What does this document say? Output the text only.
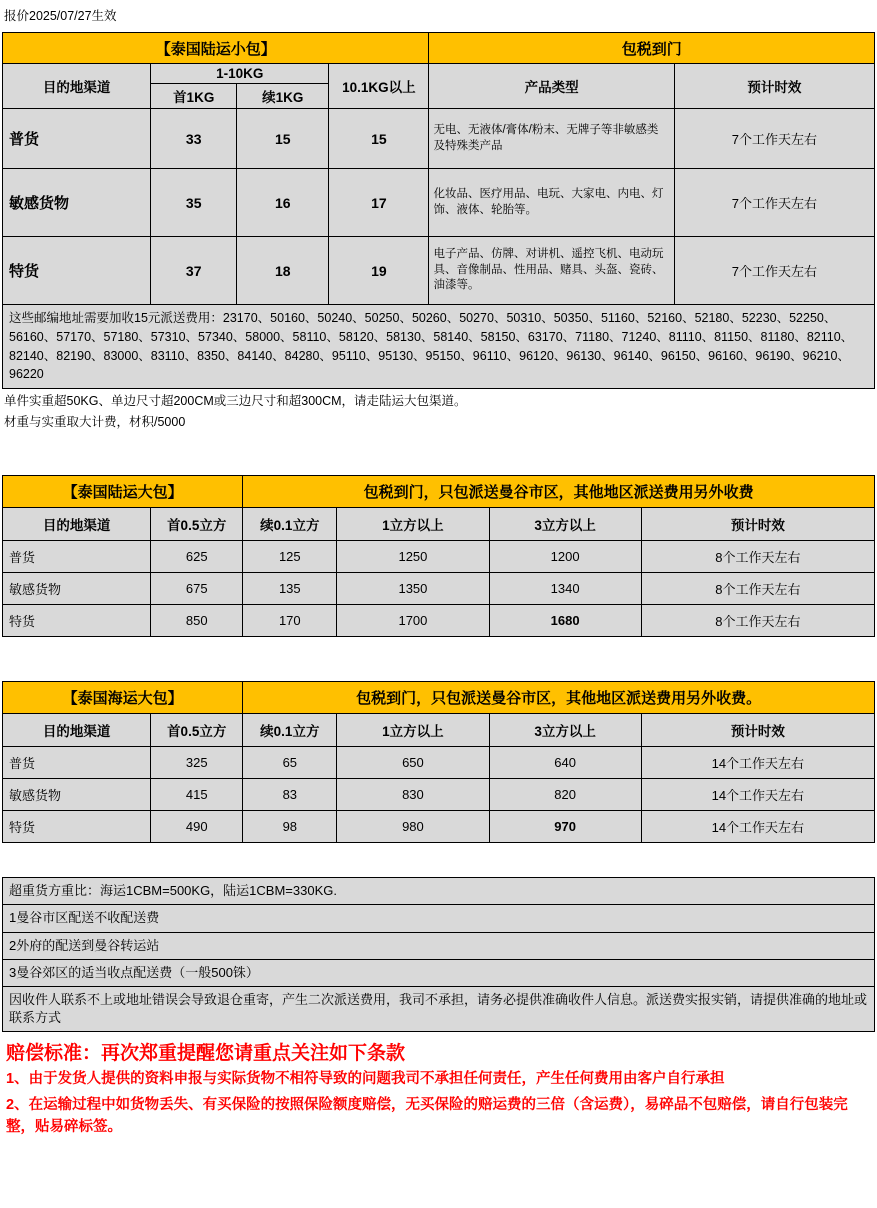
报价2025/07/27生效
【泰国陆运小包】				包税到门	
目的地渠道	1-10KG		10.1KG以上	产品类型	预计时效
	首1KG	续1KG			
普货	33	15	15	无电、无液体/膏体/粉末、无牌子等非敏感类及特殊类产品	7个工作天左右
敏感货物	35	16	17	化妆品、医疗用品、电玩、大家电、内电、灯饰、液体、轮胎等。	7个工作天左右
特货	37	18	19	电子产品、仿牌、对讲机、遥控飞机、电动玩具、音像制品、性用品、赌具、头盔、瓷砖、油漆等。	7个工作天左右
这些邮编地址需要加收15元派送费用：23170、50160、50240、50250、50260、50270、50310、50350、51160、52160、52180、52230、52250、56160、57170、57180、57310、57340、58000、58110、58120、58130、58140、58150、63170、71180、71240、81110、81150、81180、82110、82140、82190、83000、83110、8350、84140、84280、95110、95130、95150、96110、96120、96130、96140、96150、96160、96190、96210、96220					
单件实重超50KG、单边尺寸超200CM或三边尺寸和超300CM，请走陆运大包渠道。
材重与实重取大计费，材积/5000
【泰国陆运大包】		包税到门，只包派送曼谷市区，其他地区派送费用另外收费			
目的地渠道	首0.5立方	续0.1立方	1立方以上	3立方以上	预计时效
普货	625	125	1250	1200	8个工作天左右
敏感货物	675	135	1350	1340	8个工作天左右
特货	850	170	1700	1680	8个工作天左右
【泰国海运大包】		包税到门，只包派送曼谷市区，其他地区派送费用另外收费。			
目的地渠道	首0.5立方	续0.1立方	1立方以上	3立方以上	预计时效
普货	325	65	650	640	14个工作天左右
敏感货物	415	83	830	820	14个工作天左右
特货	490	98	980	970	14个工作天左右
超重货方重比：海运1CBM=500KG，陆运1CBM=330KG.
1曼谷市区配送不收配送费
2外府的配送到曼谷转运站
3曼谷郊区的适当收点配送费（一般500铢）
因收件人联系不上或地址错误会导致退仓重寄，产生二次派送费用，我司不承担，请务必提供准确收件人信息。派送费实报实销，请提供准确的地址或联系方式
赔偿标准：再次郑重提醒您请重点关注如下条款
1、由于发货人提供的资料申报与实际货物不相符导致的问题我司不承担任何责任，产生任何费用由客户自行承担
2、在运输过程中如货物丢失、有买保险的按照保险额度赔偿，无买保险的赔运费的三倍（含运费），易碎品不包赔偿，请自行包装完整，贴易碎标签。
